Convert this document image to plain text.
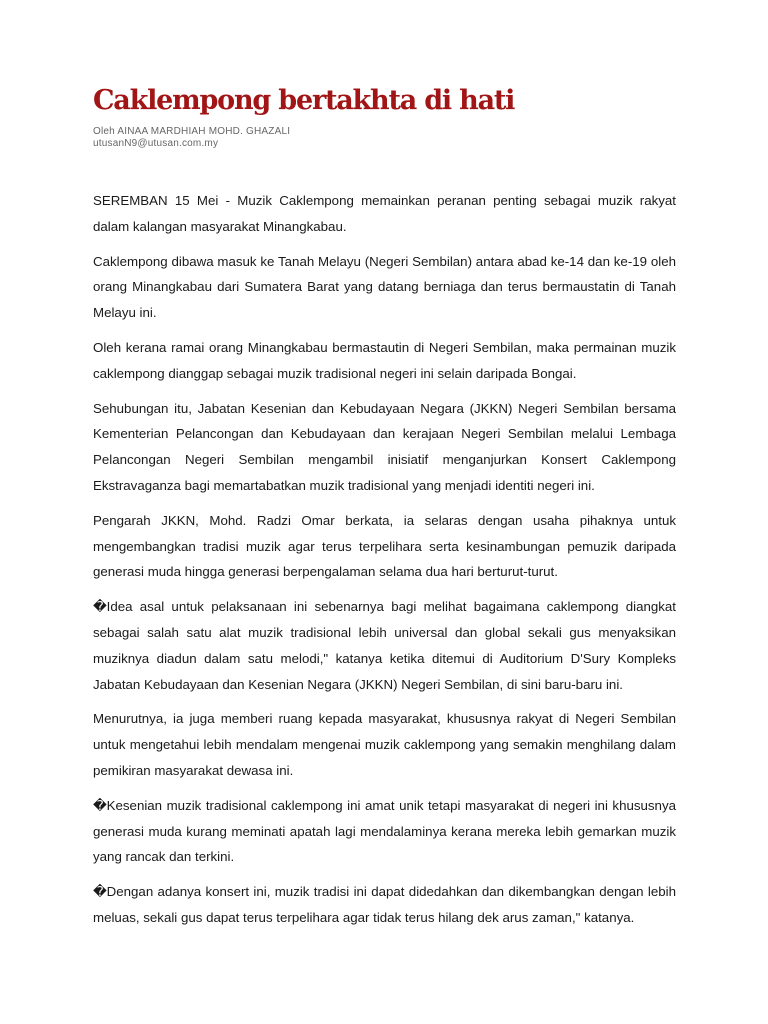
Caklempong bertakhta di hati
Oleh AINAA MARDHIAH MOHD. GHAZALI
utusanN9@utusan.com.my

SEREMBAN 15 Mei - Muzik Caklempong memainkan peranan penting sebagai muzik rakyat dalam kalangan masyarakat Minangkabau.

Caklempong dibawa masuk ke Tanah Melayu (Negeri Sembilan) antara abad ke-14 dan ke-19 oleh orang Minangkabau dari Sumatera Barat yang datang berniaga dan terus bermaustatin di Tanah Melayu ini.

Oleh kerana ramai orang Minangkabau bermastautin di Negeri Sembilan, maka permainan muzik caklempong dianggap sebagai muzik tradisional negeri ini selain daripada Bongai.

Sehubungan itu, Jabatan Kesenian dan Kebudayaan Negara (JKKN) Negeri Sembilan bersama Kementerian Pelancongan dan Kebudayaan dan kerajaan Negeri Sembilan melalui Lembaga Pelancongan Negeri Sembilan mengambil inisiatif menganjurkan Konsert Caklempong Ekstravaganza bagi memartabatkan muzik tradisional yang menjadi identiti negeri ini.

Pengarah JKKN, Mohd. Radzi Omar berkata, ia selaras dengan usaha pihaknya untuk mengembangkan tradisi muzik agar terus terpelihara serta kesinambungan pemuzik daripada generasi muda hingga generasi berpengalaman selama dua hari berturut-turut.

�Idea asal untuk pelaksanaan ini sebenarnya bagi melihat bagaimana caklempong diangkat sebagai salah satu alat muzik tradisional lebih universal dan global sekali gus menyaksikan muziknya diadun dalam satu melodi," katanya ketika ditemui di Auditorium D'Sury Kompleks Jabatan Kebudayaan dan Kesenian Negara (JKKN) Negeri Sembilan, di sini baru-baru ini.

Menurutnya, ia juga memberi ruang kepada masyarakat, khususnya rakyat di Negeri Sembilan untuk mengetahui lebih mendalam mengenai muzik caklempong yang semakin menghilang dalam pemikiran masyarakat dewasa ini.

�Kesenian muzik tradisional caklempong ini amat unik tetapi masyarakat di negeri ini khususnya generasi muda kurang meminati apatah lagi mendalaminya kerana mereka lebih gemarkan muzik yang rancak dan terkini.

�Dengan adanya konsert ini, muzik tradisi ini dapat didedahkan dan dikembangkan dengan lebih meluas, sekali gus dapat terus terpelihara agar tidak terus hilang dek arus zaman," katanya.
